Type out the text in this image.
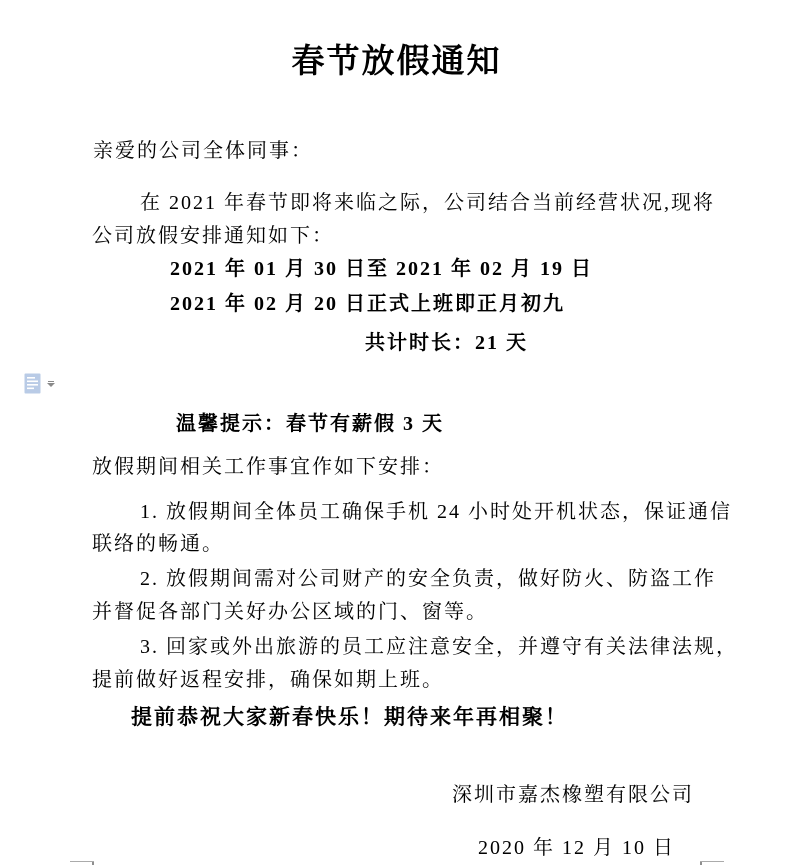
春节放假通知
亲爱的公司全体同事：
在 2021 年春节即将来临之际，公司结合当前经营状况,现将
公司放假安排通知如下：
2021 年 01 月 30 日至 2021 年 02 月 19 日
2021 年 02 月 20 日正式上班即正月初九
共计时长：21 天
温馨提示：春节有薪假 3 天
放假期间相关工作事宜作如下安排：
1. 放假期间全体员工确保手机 24 小时处开机状态，保证通信
联络的畅通。
2. 放假期间需对公司财产的安全负责，做好防火、防盗工作
并督促各部门关好办公区域的门、窗等。
3. 回家或外出旅游的员工应注意安全，并遵守有关法律法规，
提前做好返程安排，确保如期上班。
提前恭祝大家新春快乐！期待来年再相聚！
深圳市嘉杰橡塑有限公司
2020 年 12 月 10 日
